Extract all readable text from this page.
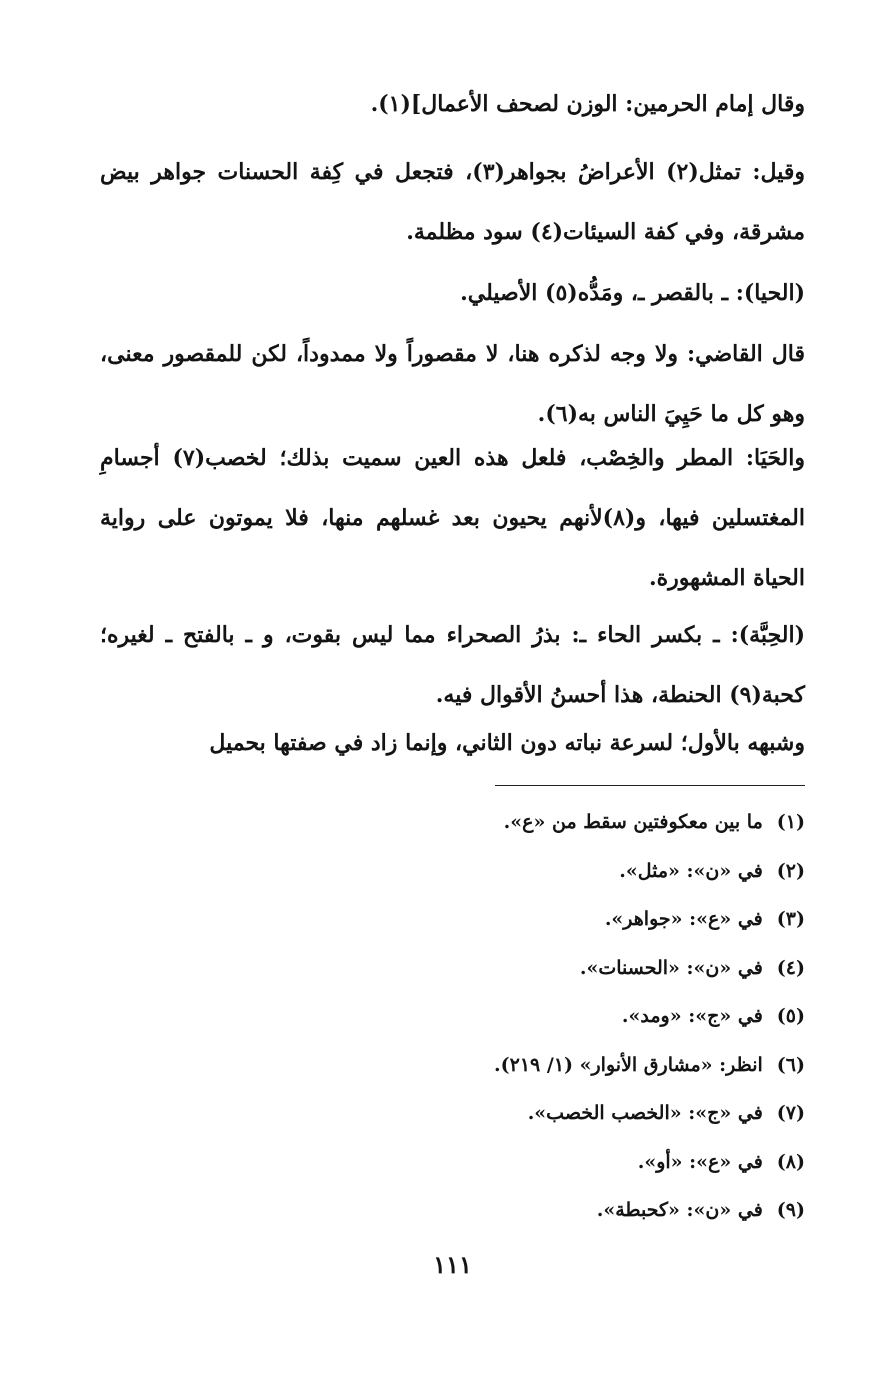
وقال إمام الحرمين: الوزن لصحف الأعمال](١).

وقيل: تمثل(٢) الأعراضُ بجواهر(٣)، فتجعل في كِفة الحسنات جواهر بيض مشرقة، وفي كفة السيئات(٤) سود مظلمة.

(الحيا): ـ بالقصر ـ، ومَدُّه(٥) الأصيلي.

قال القاضي: ولا وجه لذكره هنا، لا مقصوراً ولا ممدوداً، لكن للمقصور معنى، وهو كل ما حَيِيَ الناس به(٦).

والحَيَا: المطر والخِصْب، فلعل هذه العين سميت بذلك؛ لخصب(٧) أجسامِ المغتسلين فيها، و(٨)لأنهم يحيون بعد غسلهم منها، فلا يموتون على رواية الحياة المشهورة.

(الحِبَّة): ـ بكسر الحاء ـ: بذرُ الصحراء مما ليس بقوت، و ـ بالفتح ـ لغيره؛ كحبة(٩) الحنطة، هذا أحسنُ الأقوال فيه.

وشبهه بالأول؛ لسرعة نباته دون الثاني، وإنما زاد في صفتها بحميل

(١)
ما بين معكوفتين سقط من «ع».
(٢)
في «ن»: «مثل».
(٣)
في «ع»: «جواهر».
(٤)
في «ن»: «الحسنات».
(٥)
في «ج»: «ومد».
(٦)
انظر: «مشارق الأنوار» (١/ ٢١٩).
(٧)
في «ج»: «الخصب الخصب».
(٨)
في «ع»: «أو».
(٩)
في «ن»: «كحبطة».
١١١
